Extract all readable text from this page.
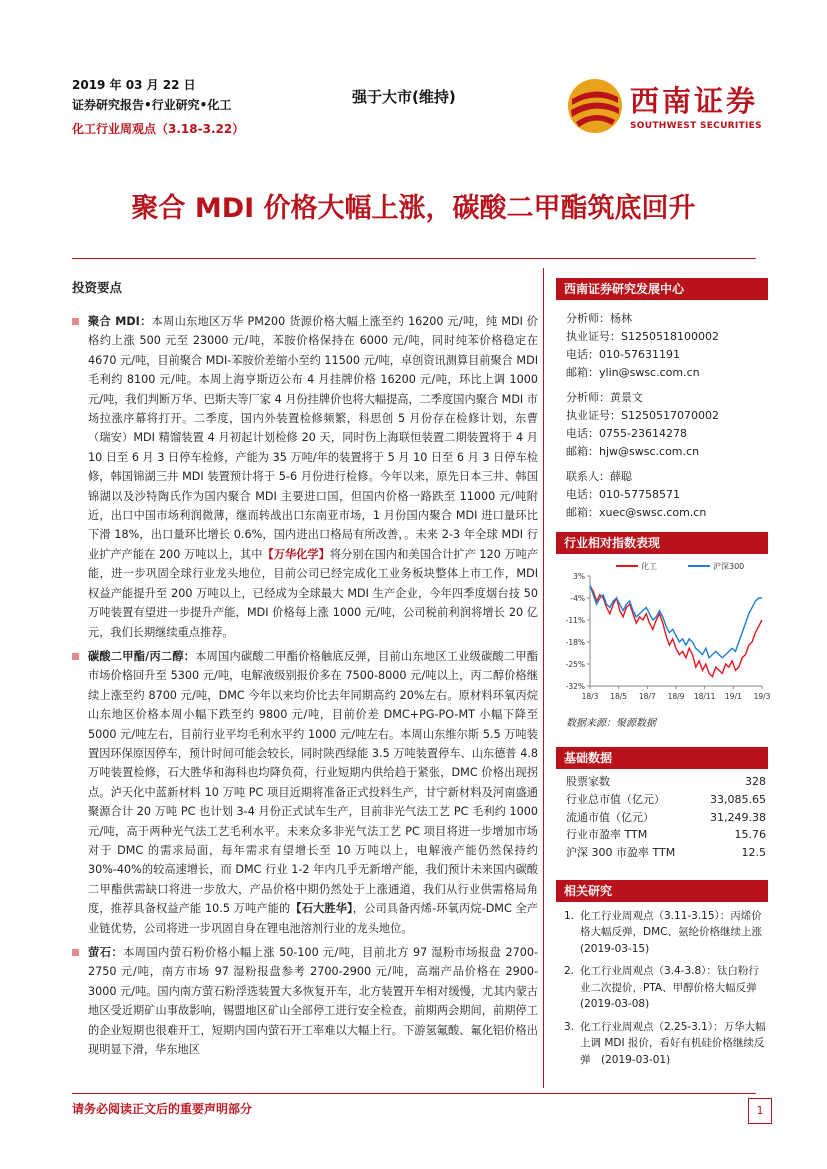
2019 年 03 月 22 日
证券研究报告•行业研究•化工
化工行业周观点（3.18-3.22）
强于大市(维持)	西南证券
SOUTHWEST SECURITIES
聚合 MDI 价格大幅上涨，碳酸二甲酯筑底回升
投资要点
聚合 MDI：本周山东地区万华 PM200 货源价格大幅上涨至约 16200 元/吨，纯 MDI 价格约上涨 500 元至 23000 元/吨，苯胺价格保持在 6000 元/吨，同时纯苯价格稳定在 4670 元/吨，目前聚合 MDI-苯胺价差缩小至约 11500 元/吨，卓创资讯测算目前聚合 MDI 毛利约 8100 元/吨。本周上海亨斯迈公布 4 月挂牌价格 16200 元/吨，环比上调 1000 元/吨，我们判断万华、巴斯夫等厂家 4 月份挂牌价也将大幅提高，二季度国内聚合 MDI 市场拉涨序幕将打开。二季度，国内外装置检修频繁，科思创 5 月份存在检修计划，东曹（瑞安）MDI 精馏装置 4 月初起计划检修 20 天，同时伤上海联恒装置二期装置将于 4 月 10 日至 6 月 3 日停车检修，产能为 35 万吨/年的装置将于 5 月 10 日至 6 月 3 日停车检修，韩国锦湖三井 MDI 装置预计将于 5-6 月份进行检修。今年以来，原先日本三井、韩国锦湖以及沙特陶氏作为国内聚合 MDI 主要进口国，但国内价格一路跌至 11000 元/吨附近，出口中国市场利润微薄，继而转战出口东南亚市场，1 月份国内聚合 MDI 进口量环比下滑 18%，出口量环比增长 0.6%，国内进出口格局有所改善，。未来 2-3 年全球 MDI 行业扩产产能在 200 万吨以上，其中【万华化学】将分别在国内和美国合计扩产 120 万吨产能，进一步巩固全球行业龙头地位，目前公司已经完成化工业务板块整体上市工作，MDI 权益产能提升至 200 万吨以上，已经成为全球最大 MDI 生产企业，今年四季度烟台技 50 万吨装置有望进一步提升产能，MDI 价格每上涨 1000 元/吨，公司税前利润将增长 20 亿元，我们长期继续重点推荐。
碳酸二甲酯/丙二醇：本周国内碳酸二甲酯价格触底反弹，目前山东地区工业级碳酸二甲酯市场价格回升至 5300 元/吨，电解液级别报价多在 7500-8000 元/吨以上，丙二醇价格继续上涨至约 8700 元/吨，DMC 今年以来均价比去年同期高约 20%左右。原材料环氧丙烷山东地区价格本周小幅下跌至约 9800 元/吨，目前价差 DMC+PG-PO-MT 小幅下降至 5000 元/吨左右，目前行业平均毛利水平约 1000 元/吨左右。本周山东维尔斯 5.5 万吨装置因环保原因停车，预计时间可能会较长，同时陕西绿能 3.5 万吨装置停车、山东德普 4.8 万吨装置检修，石大胜华和海科也均降负荷，行业短期内供给趋于紧张，DMC 价格出现拐点。泸天化中蓝新材料 10 万吨 PC 项目近期将准备正式投料生产，甘宁新材料及河南盛通聚源合计 20 万吨 PC 也计划 3-4 月份正式试车生产，目前非光气法工艺 PC 毛利约 1000 元/吨，高于两种光气法工艺毛利水平。未来众多非光气法工艺 PC 项目将进一步增加市场对于 DMC 的需求局面，每年需求有望增长至 10 万吨以上，电解液产能仍然保持约 30%-40%的较高速增长，而 DMC 行业 1-2 年内几乎无新增产能，我们预计未来国内碳酸二甲酯供需缺口将进一步放大，产品价格中期仍然处于上涨通道，我们从行业供需格局角度，推荐具备权益产能 10.5 万吨产能的【石大胜华】，公司具备丙烯-环氧丙烷-DMC 全产业链优势，公司将进一步巩固自身在锂电池溶剂行业的龙头地位。
萤石：本周国内萤石粉价格小幅上涨 50-100 元/吨，目前北方 97 湿粉市场报盘 2700-2750 元/吨，南方市场 97 湿粉报盘参考 2700-2900 元/吨，高端产品价格在 2900-3000 元/吨。国内南方萤石粉浮选装置大多恢复开车，北方装置开车相对缓慢，尤其内蒙古地区受近期矿山事故影响，锡盟地区矿山全部停工进行安全检查，前期两会期间，前期停工的企业短期也很难开工，短期内国内萤石开工率难以大幅上行。下游氢氟酸、氟化铝价格出现明显下滑，华东地区
西南证券研究发展中心
分析师：杨林
执业证号：S1250518100002
电话：010-57631191
邮箱：ylin@swsc.com.cn
分析师：黄景文
执业证号：S1250517070002
电话：0755-23614278
邮箱：hjw@swsc.com.cn
联系人：薛聪
电话：010-57758571
邮箱：xuec@swsc.com.cn
行业相对指数表现
3%
-4%
-11%
-18%
-25%
-32%
18/3 18/5 18/7 18/9 18/11 19/1 19/3
化工	沪深300
数据来源：聚源数据
基础数据
股票家数	328
行业总市值（亿元）	33,085.65
流通市值（亿元）	31,249.38
行业市盈率 TTM	15.76
沪深 300 市盈率 TTM	12.5
相关研究
1. 化工行业周观点（3.11-3.15）：丙烯价格大幅反弹，DMC、氨纶价格继续上涨　(2019-03-15)
2. 化工行业周观点（3.4-3.8）：钛白粉行业二次提价，PTA、甲醇价格大幅反弹　(2019-03-08)
3. 化工行业周观点（2.25-3.1）：万华大幅上调 MDI 报价，看好有机硅价格继续反弹　(2019-03-01)
请务必阅读正文后的重要声明部分	1
